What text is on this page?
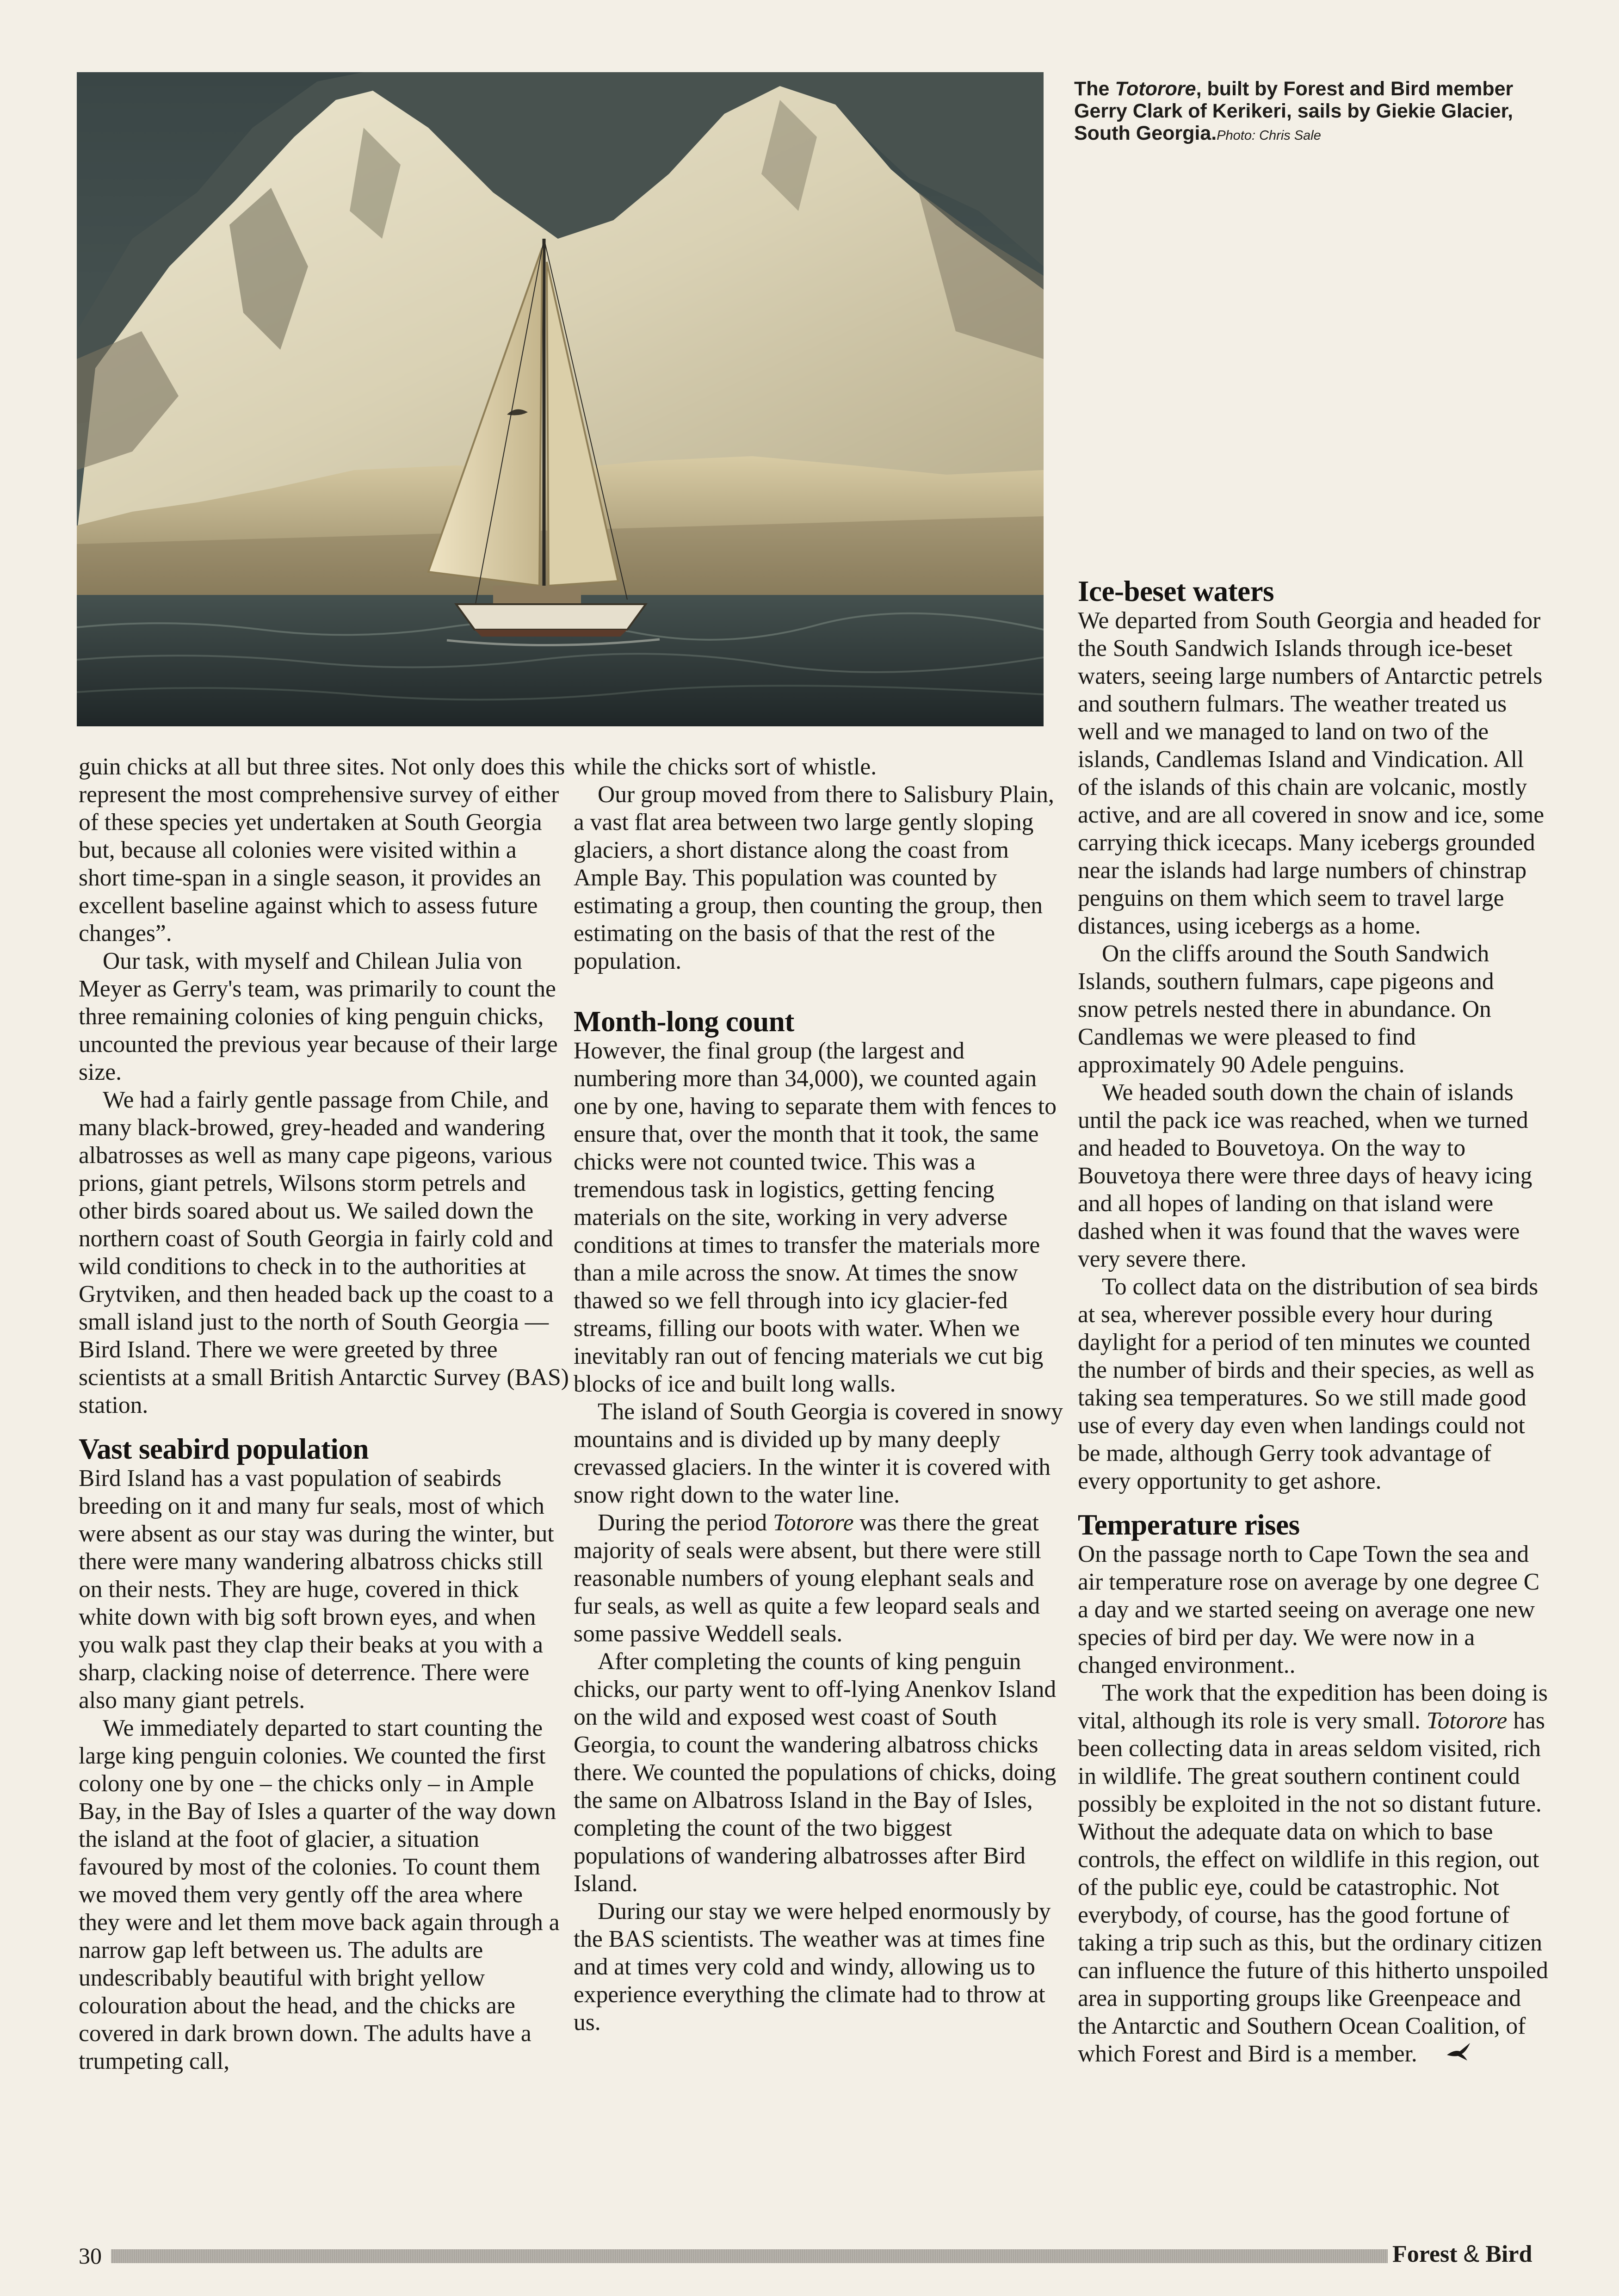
The Totorore, built by Forest and Bird member Gerry Clark of Kerikeri, sails by Giekie Glacier, South Georgia.Photo: Chris Sale

guin chicks at all but three sites. Not only does this represent the most comprehensive survey of either of these species yet undertaken at South Georgia but, because all colonies were visited within a short time-span in a single season, it provides an excellent baseline against which to assess future changes”.

Our task, with myself and Chilean Julia von Meyer as Gerry's team, was primarily to count the three remaining colonies of king penguin chicks, uncounted the previous year because of their large size.

We had a fairly gentle passage from Chile, and many black-browed, grey-headed and wandering albatrosses as well as many cape pigeons, various prions, giant petrels, Wilsons storm petrels and other birds soared about us. We sailed down the northern coast of South Georgia in fairly cold and wild conditions to check in to the authorities at Grytviken, and then headed back up the coast to a small island just to the north of South Georgia — Bird Island. There we were greeted by three scientists at a small British Antarctic Survey (BAS) station.

Vast seabird population

Bird Island has a vast population of seabirds breeding on it and many fur seals, most of which were absent as our stay was during the winter, but there were many wandering albatross chicks still on their nests. They are huge, covered in thick white down with big soft brown eyes, and when you walk past they clap their beaks at you with a sharp, clacking noise of deterrence. There were also many giant petrels.

We immediately departed to start counting the large king penguin colonies. We counted the first colony one by one – the chicks only – in Ample Bay, in the Bay of Isles a quarter of the way down the island at the foot of glacier, a situation favoured by most of the colonies. To count them we moved them very gently off the area where they were and let them move back again through a narrow gap left between us. The adults are undescribably beautiful with bright yellow colouration about the head, and the chicks are covered in dark brown down. The adults have a trumpeting call,

while the chicks sort of whistle.

Our group moved from there to Salisbury Plain, a vast flat area between two large gently sloping glaciers, a short distance along the coast from Ample Bay. This population was counted by estimating a group, then counting the group, then estimating on the basis of that the rest of the population.

Month-long count

However, the final group (the largest and numbering more than 34,000), we counted again one by one, having to separate them with fences to ensure that, over the month that it took, the same chicks were not counted twice. This was a tremendous task in logistics, getting fencing materials on the site, working in very adverse conditions at times to transfer the materials more than a mile across the snow. At times the snow thawed so we fell through into icy glacier-fed streams, filling our boots with water. When we inevitably ran out of fencing materials we cut big blocks of ice and built long walls.

The island of South Georgia is covered in snowy mountains and is divided up by many deeply crevassed glaciers. In the winter it is covered with snow right down to the water line.

During the period Totorore was there the great majority of seals were absent, but there were still reasonable numbers of young elephant seals and fur seals, as well as quite a few leopard seals and some passive Weddell seals.

After completing the counts of king penguin chicks, our party went to off-lying Anenkov Island on the wild and exposed west coast of South Georgia, to count the wandering albatross chicks there. We counted the populations of chicks, doing the same on Albatross Island in the Bay of Isles, completing the count of the two biggest populations of wandering albatrosses after Bird Island.

During our stay we were helped enormously by the BAS scientists. The weather was at times fine and at times very cold and windy, allowing us to experience everything the climate had to throw at us.

Ice-beset waters

We departed from South Georgia and headed for the South Sandwich Islands through ice-beset waters, seeing large numbers of Antarctic petrels and southern fulmars. The weather treated us well and we managed to land on two of the islands, Candlemas Island and Vindication. All of the islands of this chain are volcanic, mostly active, and are all covered in snow and ice, some carrying thick icecaps. Many icebergs grounded near the islands had large numbers of chinstrap penguins on them which seem to travel large distances, using icebergs as a home.

On the cliffs around the South Sandwich Islands, southern fulmars, cape pigeons and snow petrels nested there in abundance. On Candlemas we were pleased to find approximately 90 Adele penguins.

We headed south down the chain of islands until the pack ice was reached, when we turned and headed to Bouvetoya. On the way to Bouvetoya there were three days of heavy icing and all hopes of landing on that island were dashed when it was found that the waves were very severe there.

To collect data on the distribution of sea birds at sea, wherever possible every hour during daylight for a period of ten minutes we counted the number of birds and their species, as well as taking sea temperatures. So we still made good use of every day even when landings could not be made, although Gerry took advantage of every opportunity to get ashore.

Temperature rises

On the passage north to Cape Town the sea and air temperature rose on average by one degree C a day and we started seeing on average one new species of bird per day. We were now in a changed environment..

The work that the expedition has been doing is vital, although its role is very small. Totorore has been collecting data in areas seldom visited, rich in wildlife. The great southern continent could possibly be exploited in the not so distant future. Without the adequate data on which to base controls, the effect on wildlife in this region, out of the public eye, could be catastrophic. Not everybody, of course, has the good fortune of taking a trip such as this, but the ordinary citizen can influence the future of this hitherto unspoiled area in supporting groups like Greenpeace and the Antarctic and Southern Ocean Coalition, of which Forest and Bird is a member.

30	Forest & Bird
